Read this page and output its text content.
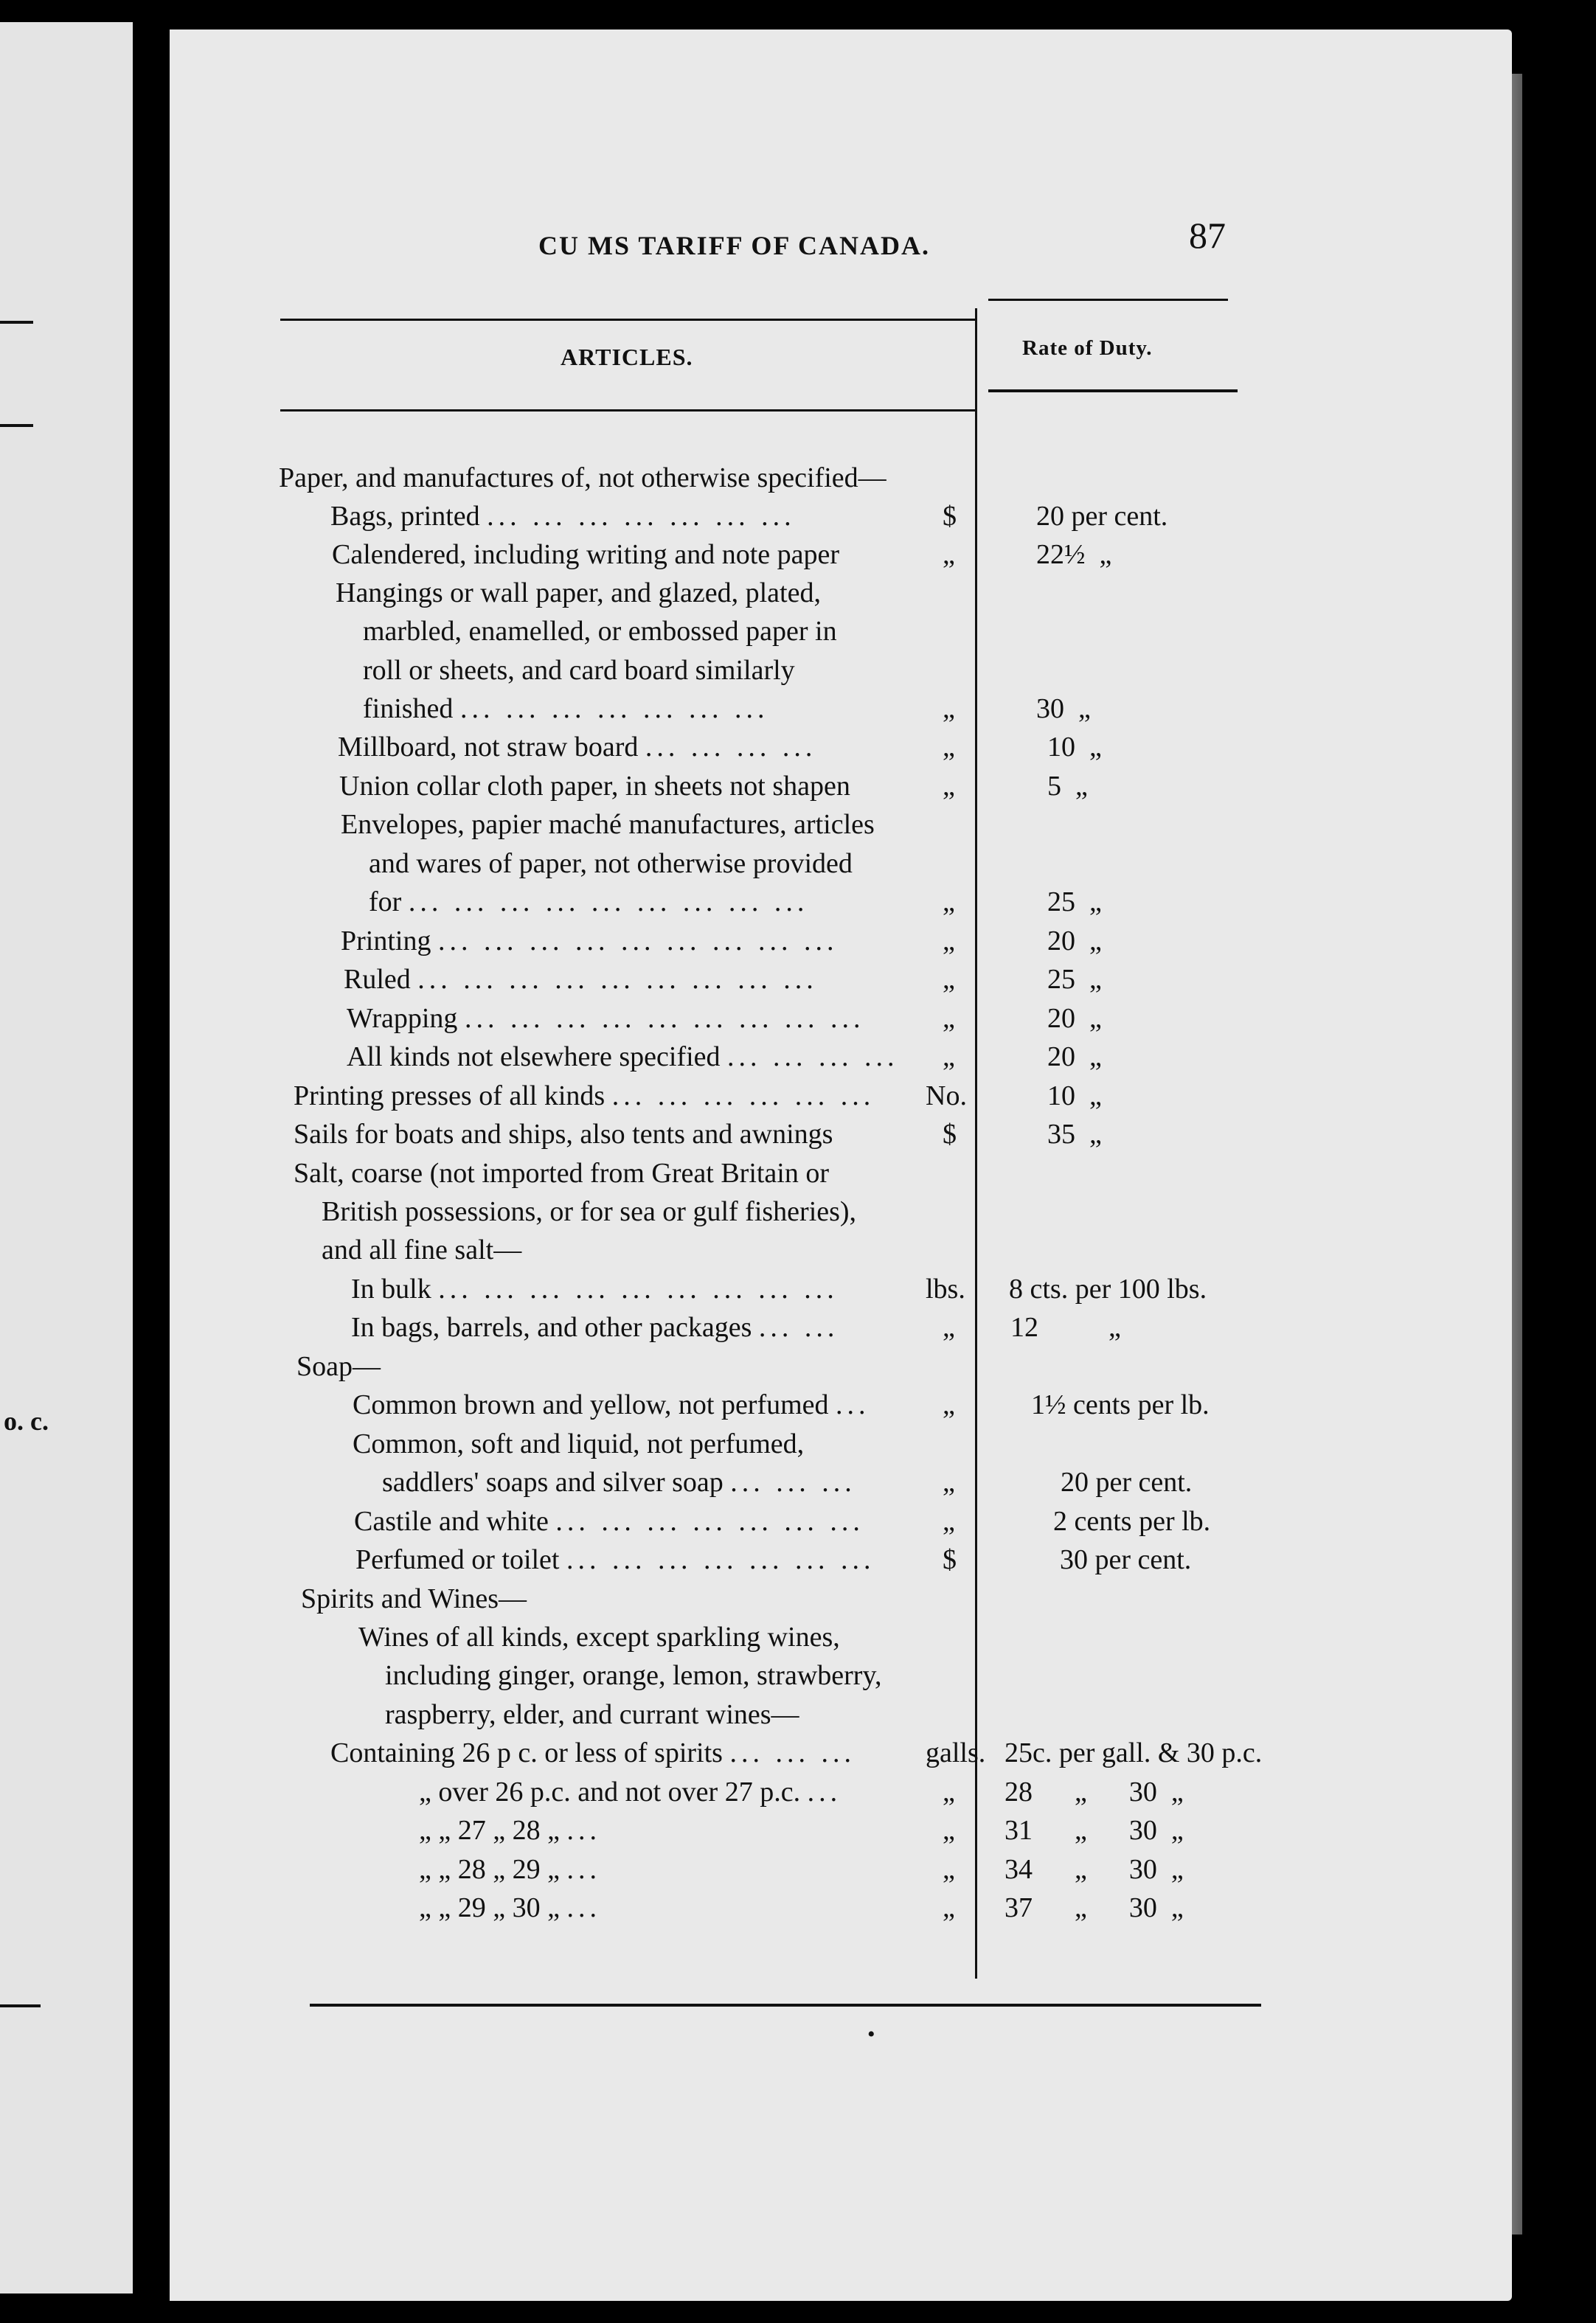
o. c.
CU MS TARIFF OF CANADA.	87
ARTICLES.	Rate of Duty.
•
Paper, and manufactures of, not otherwise specified—
Bags, printed ... ... ... ... ... ... ...	$	20 per cent.
Calendered, including writing and note paper	„	22½  „
Hangings or wall paper, and glazed, plated,
marbled, enamelled, or embossed paper in
roll or sheets, and card board similarly
finished ... ... ... ... ... ... ...	„	30  „
Millboard, not straw board ... ... ... ...	„	10  „
Union collar cloth paper, in sheets not shapen	„	5  „
Envelopes, papier maché manufactures, articles
and wares of paper, not otherwise provided
for ... ... ... ... ... ... ... ... ...	„	25  „
Printing ... ... ... ... ... ... ... ... ...	„	20  „
Ruled ... ... ... ... ... ... ... ... ...	„	25  „
Wrapping ... ... ... ... ... ... ... ... ...	„	20  „
All kinds not elsewhere specified ... ... ... ... „	20  „
Printing presses of all kinds ... ... ... ... ... ... No.	10  „
Sails for boats and ships, also tents and awnings	$	35  „
Salt, coarse (not imported from Great Britain or
British possessions, or for sea or gulf fisheries),
and all fine salt—
In bulk ... ... ... ... ... ... ... ... ...	lbs. 8 cts. per 100 lbs.
In bags, barrels, and other packages ... ...	„ 12          „
Soap—
Common brown and yellow, not perfumed ...	„	1½ cents per lb.
Common, soft and liquid, not perfumed,
saddlers' soaps and silver soap ... ... ...	„	20 per cent.
Castile and white ... ... ... ... ... ... ...	„	2 cents per lb.
Perfumed or toilet ... ... ... ... ... ... ... $	30 per cent.
Spirits and Wines—
Wines of all kinds, except sparkling wines,
including ginger, orange, lemon, strawberry,
raspberry, elder, and currant wines—
Containing 26 p c. or less of spirits ... ... ...	galls. 25c. per gall. & 30 p.c.
„ over 26 p.c. and not over 27 p.c. ...	„ 28      „      30  „
„ „ 27 „ 28 „ ...	„ 31      „      30  „
„ „ 28 „ 29 „ ...	„ 34      „      30  „
„ „ 29 „ 30 „ ...	„ 37      „      30  „
